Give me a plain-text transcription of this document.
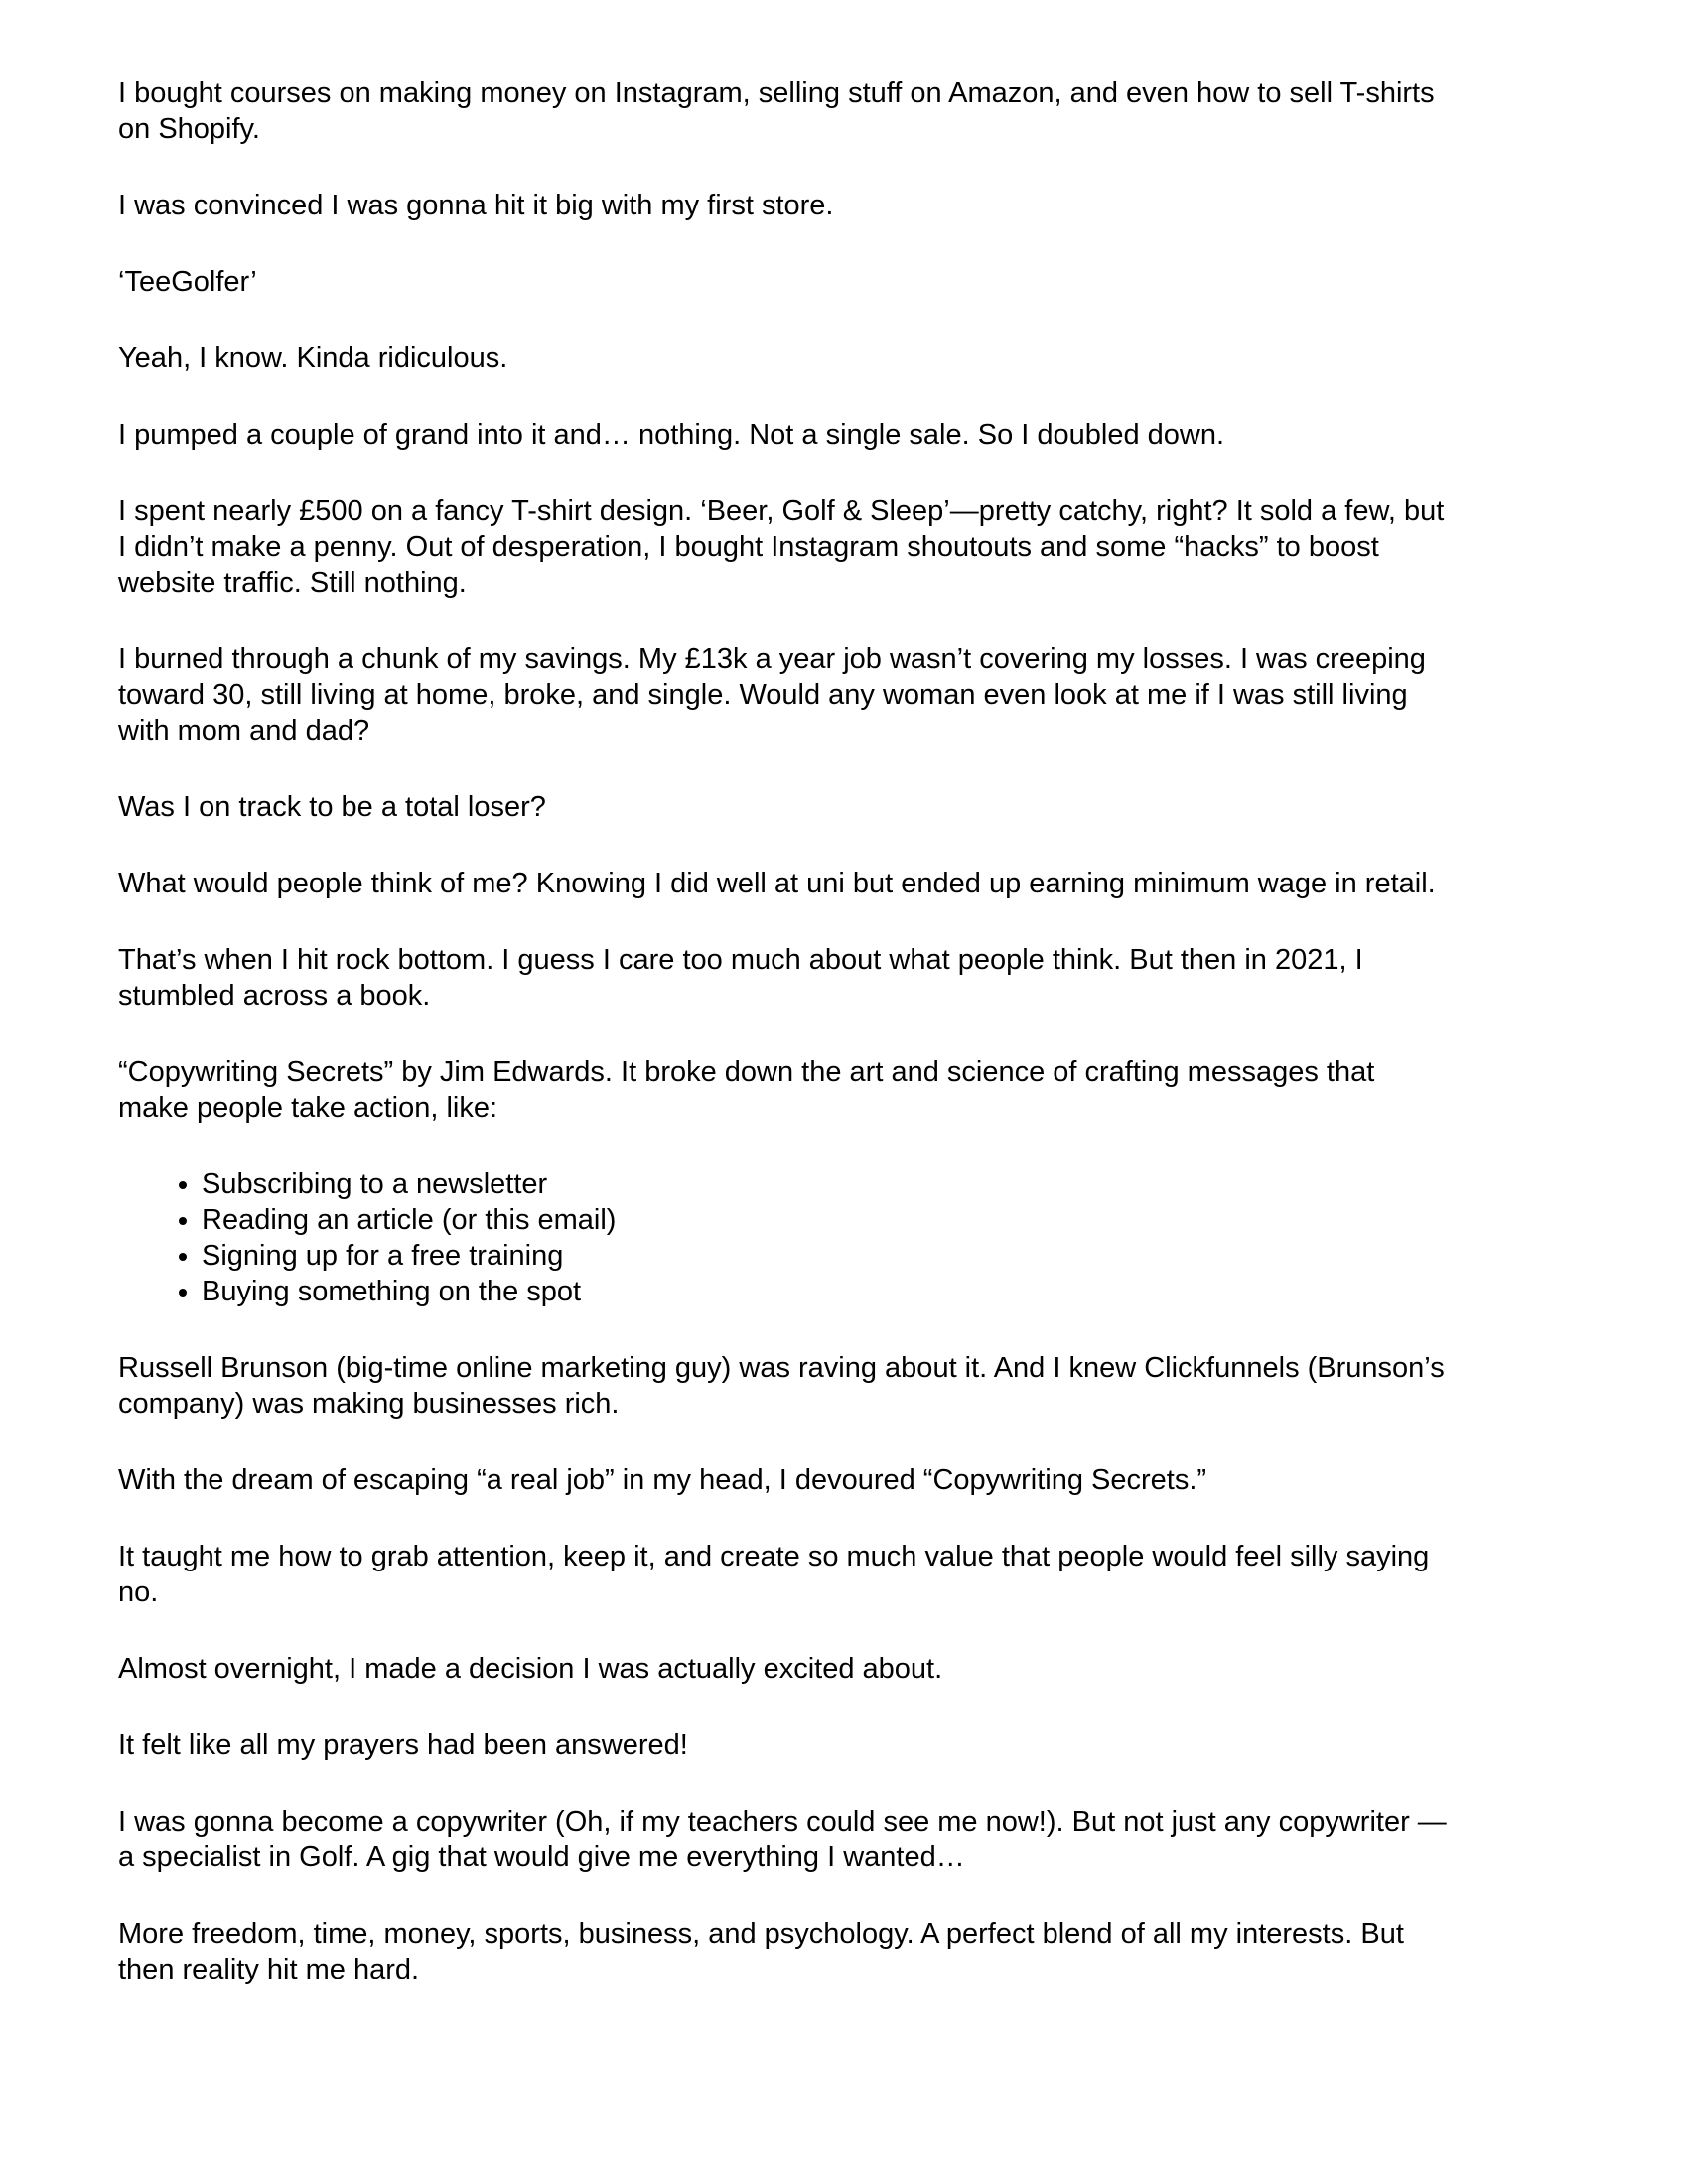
I bought courses on making money on Instagram, selling stuff on Amazon, and even how to sell T-shirts on Shopify.

I was convinced I was gonna hit it big with my first store.

‘TeeGolfer’

Yeah, I know. Kinda ridiculous.

I pumped a couple of grand into it and… nothing. Not a single sale. So I doubled down.

I spent nearly £500 on a fancy T-shirt design. ‘Beer, Golf & Sleep’—pretty catchy, right? It sold a few, but I didn’t make a penny. Out of desperation, I bought Instagram shoutouts and some “hacks” to boost website traffic. Still nothing.

I burned through a chunk of my savings. My £13k a year job wasn’t covering my losses. I was creeping toward 30, still living at home, broke, and single. Would any woman even look at me if I was still living with mom and dad?

Was I on track to be a total loser?

What would people think of me? Knowing I did well at uni but ended up earning minimum wage in retail.

That’s when I hit rock bottom. I guess I care too much about what people think. But then in 2021, I stumbled across a book.

“Copywriting Secrets” by Jim Edwards. It broke down the art and science of crafting messages that make people take action, like:

• Subscribing to a newsletter
• Reading an article (or this email)
• Signing up for a free training
• Buying something on the spot

Russell Brunson (big-time online marketing guy) was raving about it. And I knew Clickfunnels (Brunson’s company) was making businesses rich.

With the dream of escaping “a real job” in my head, I devoured “Copywriting Secrets.”

It taught me how to grab attention, keep it, and create so much value that people would feel silly saying no.

Almost overnight, I made a decision I was actually excited about.

It felt like all my prayers had been answered!

I was gonna become a copywriter (Oh, if my teachers could see me now!). But not just any copywriter —a specialist in Golf. A gig that would give me everything I wanted…

More freedom, time, money, sports, business, and psychology. A perfect blend of all my interests. But then reality hit me hard.
